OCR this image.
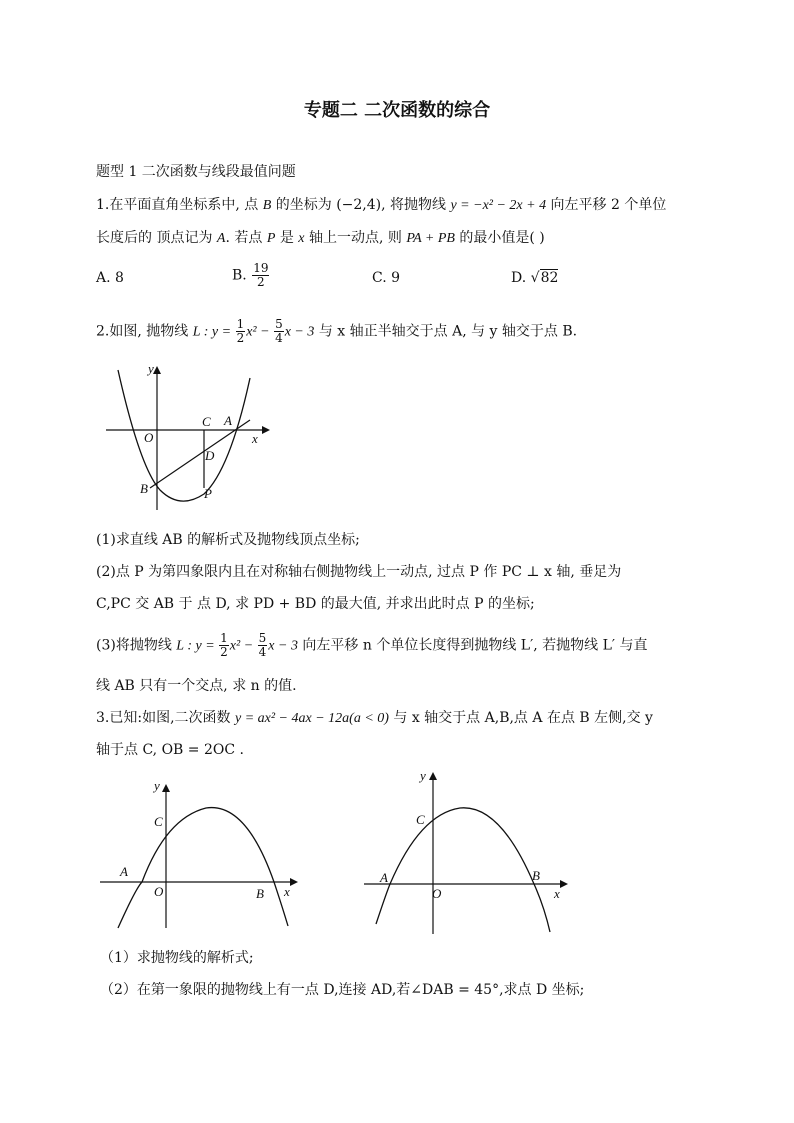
专题二 二次函数的综合
题型 1 二次函数与线段最值问题
1.在平面直角坐标系中, 点 B 的坐标为 (−2,4), 将抛物线 y = −x² − 2x + 4 向左平移 2 个单位
长度后的 顶点记为 A. 若点 P 是 x 轴上一动点, 则 PA + PB 的最小值是( )
A. 8	B. $\frac{19}{2}$	C. 9	D. √82
2.如图, 抛物线 L : $y = \frac{1}{2} x^2 - \frac{5}{4}$ x − 3 与 x 轴正半轴交于点 A, 与 y 轴交于点 B.
y
x
O
C A
D
B	P
(1)求直线 AB 的解析式及抛物线顶点坐标;
(2)点 P 为第四象限内且在对称轴右侧抛物线上一动点, 过点 P 作 PC ⊥ x 轴, 垂足为
C,PC 交 AB 于 点 D, 求 PD + BD 的最大值, 并求出此时点 P 的坐标;
(3)将抛物线 L : $y = \frac{1}{2} x^2 - \frac{5}{4}$ x − 3 向左平移 n 个单位长度得到抛物线 L′, 若抛物线 L′ 与直
线 AB 只有一个交点, 求 n 的值.
3.已知:如图,二次函数 y = ax² − 4ax − 12a(a < 0) 与 x 轴交于点 A,B,点 A 在点 B 左侧,交 y
轴于点 C, OB = 2OC .
y
x
O
C
A
B
y
x
O
C
A	B
（1）求抛物线的解析式;
（2）在第一象限的抛物线上有一点 D,连接 AD,若∠DAB = 45°,求点 D 坐标;
